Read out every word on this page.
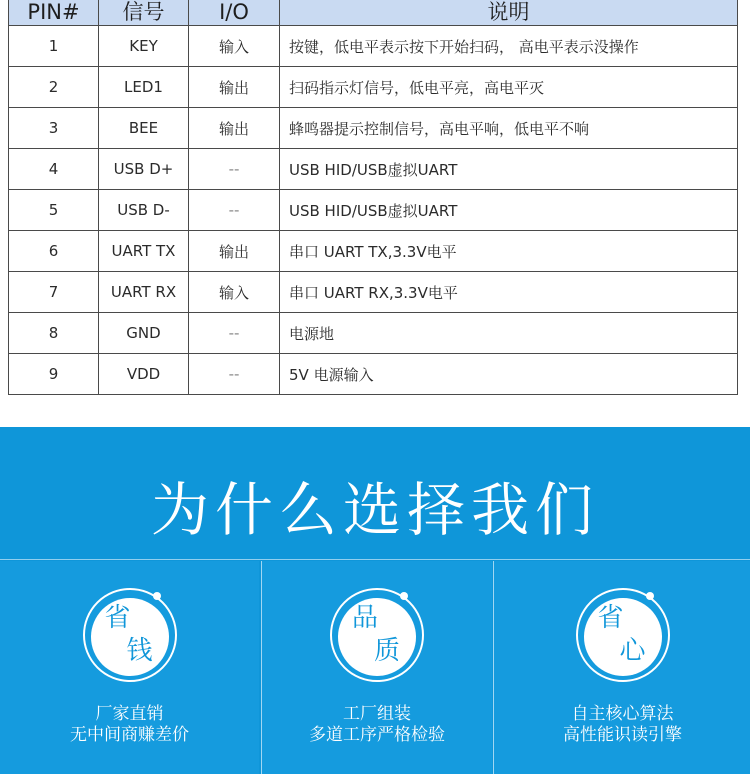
PIN#	信号	I/O	说明
1	KEY	输入	按键，低电平表示按下开始扫码， 高电平表示没操作
2	LED1	输出	扫码指示灯信号，低电平亮，高电平灭
3	BEE	输出	蜂鸣器提示控制信号，高电平响，低电平不响
4	USB D+	--	USB HID/USB虚拟UART
5	USB D-	--	USB HID/USB虚拟UART
6	UART TX	输出	串口 UART TX,3.3V电平
7	UART RX	输入	串口 UART RX,3.3V电平
8	GND	--	电源地
9	VDD	--	5V 电源输入
为什么选择我们
省
钱
厂家直销
无中间商赚差价
品
质
工厂组装
多道工序严格检验
省
心
自主核心算法
高性能识读引擎
